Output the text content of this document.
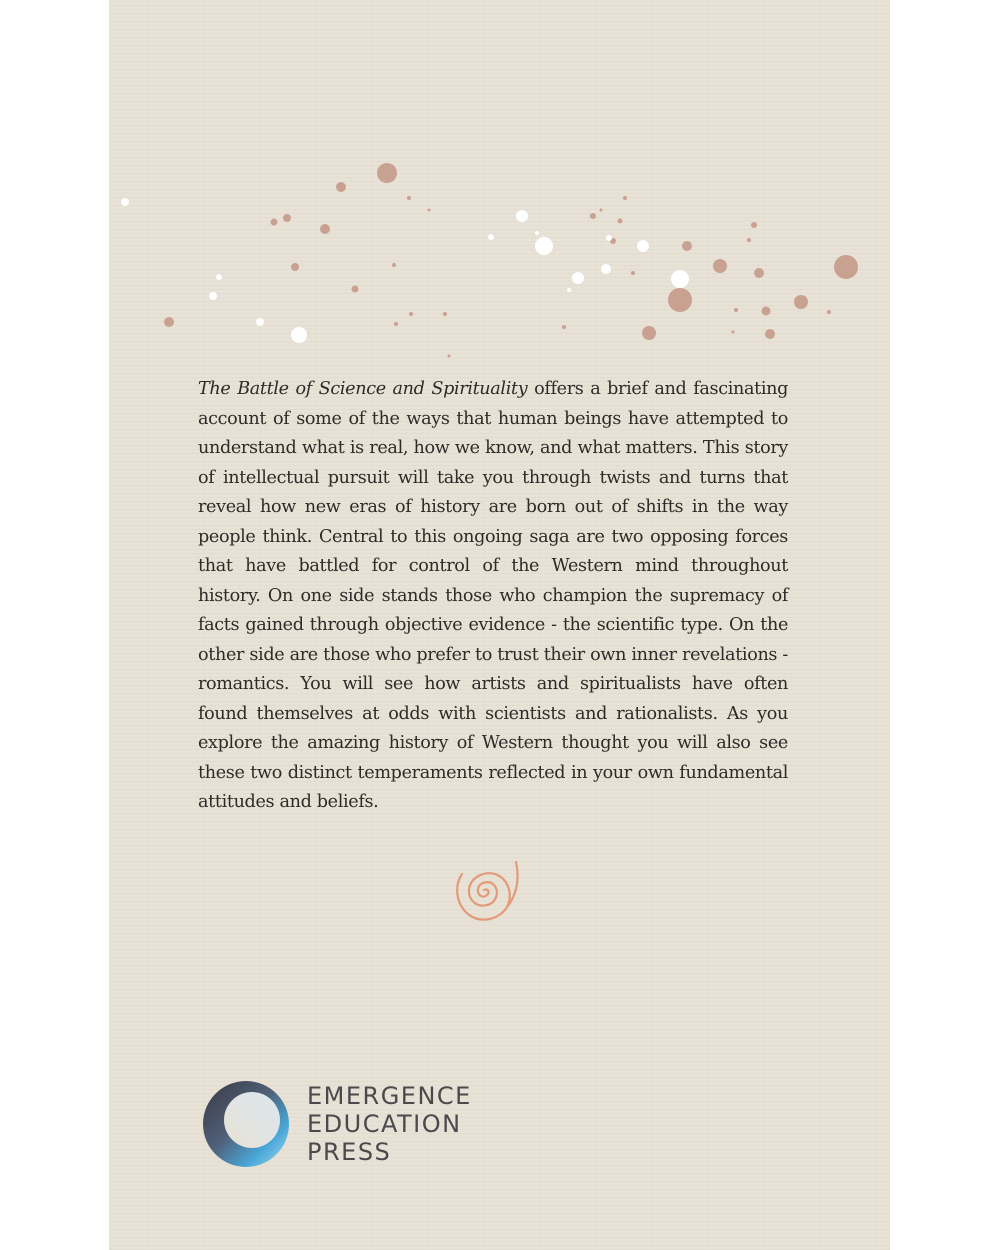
The Battle of Science and Spirituality offers a brief and fascinating account of some of the ways that human beings have attempted to understand what is real, how we know, and what matters. This story of intellectual pursuit will take you through twists and turns that reveal how new eras of history are born out of shifts in the way people think. Central to this ongoing saga are two opposing forces that have battled for control of the Western mind throughout history. On one side stands those who champion the supremacy of facts gained through objective evidence - the scientific type. On the other side are those who prefer to trust their own inner revelations - romantics. You will see how artists and spiritualists have often found themselves at odds with scientists and rationalists. As you explore the amazing history of Western thought you will also see these two distinct temperaments reflected in your own fundamental attitudes and beliefs.

EMERGENCE
EDUCATION
PRESS
